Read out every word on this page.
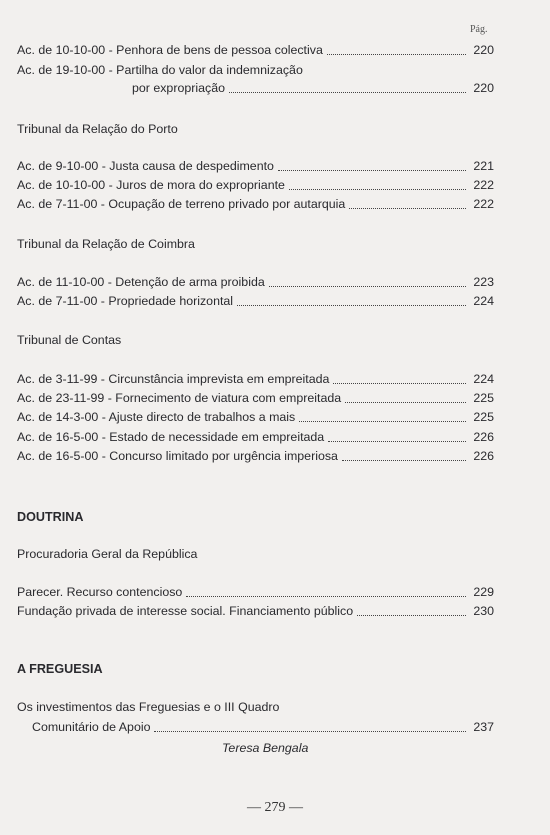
Pág.
Ac. de 10-10-00 - Penhora de bens de pessoa colectiva	220
Ac. de 19-10-00 - Partilha do valor da indemnização
por expropriação	220
Tribunal da Relação do Porto
Ac. de 9-10-00 - Justa causa de despedimento	221
Ac. de 10-10-00 - Juros de mora do expropriante	222
Ac. de 7-11-00 - Ocupação de terreno privado por autarquia	222
Tribunal da Relação de Coimbra
Ac. de 11-10-00 - Detenção de arma proibida	223
Ac. de 7-11-00 - Propriedade horizontal	224
Tribunal de Contas
Ac. de 3-11-99 - Circunstância imprevista em empreitada	224
Ac. de 23-11-99 - Fornecimento de viatura com empreitada	225
Ac. de 14-3-00 - Ajuste directo de trabalhos a mais	225
Ac. de 16-5-00 - Estado de necessidade em empreitada	226
Ac. de 16-5-00 - Concurso limitado por urgência imperiosa	226
DOUTRINA
Procuradoria Geral da República
Parecer. Recurso contencioso	229
Fundação privada de interesse social. Financiamento público	230
A FREGUESIA
Os investimentos das Freguesias e o III Quadro
Comunitário de Apoio	237
Teresa Bengala
— 279 —
